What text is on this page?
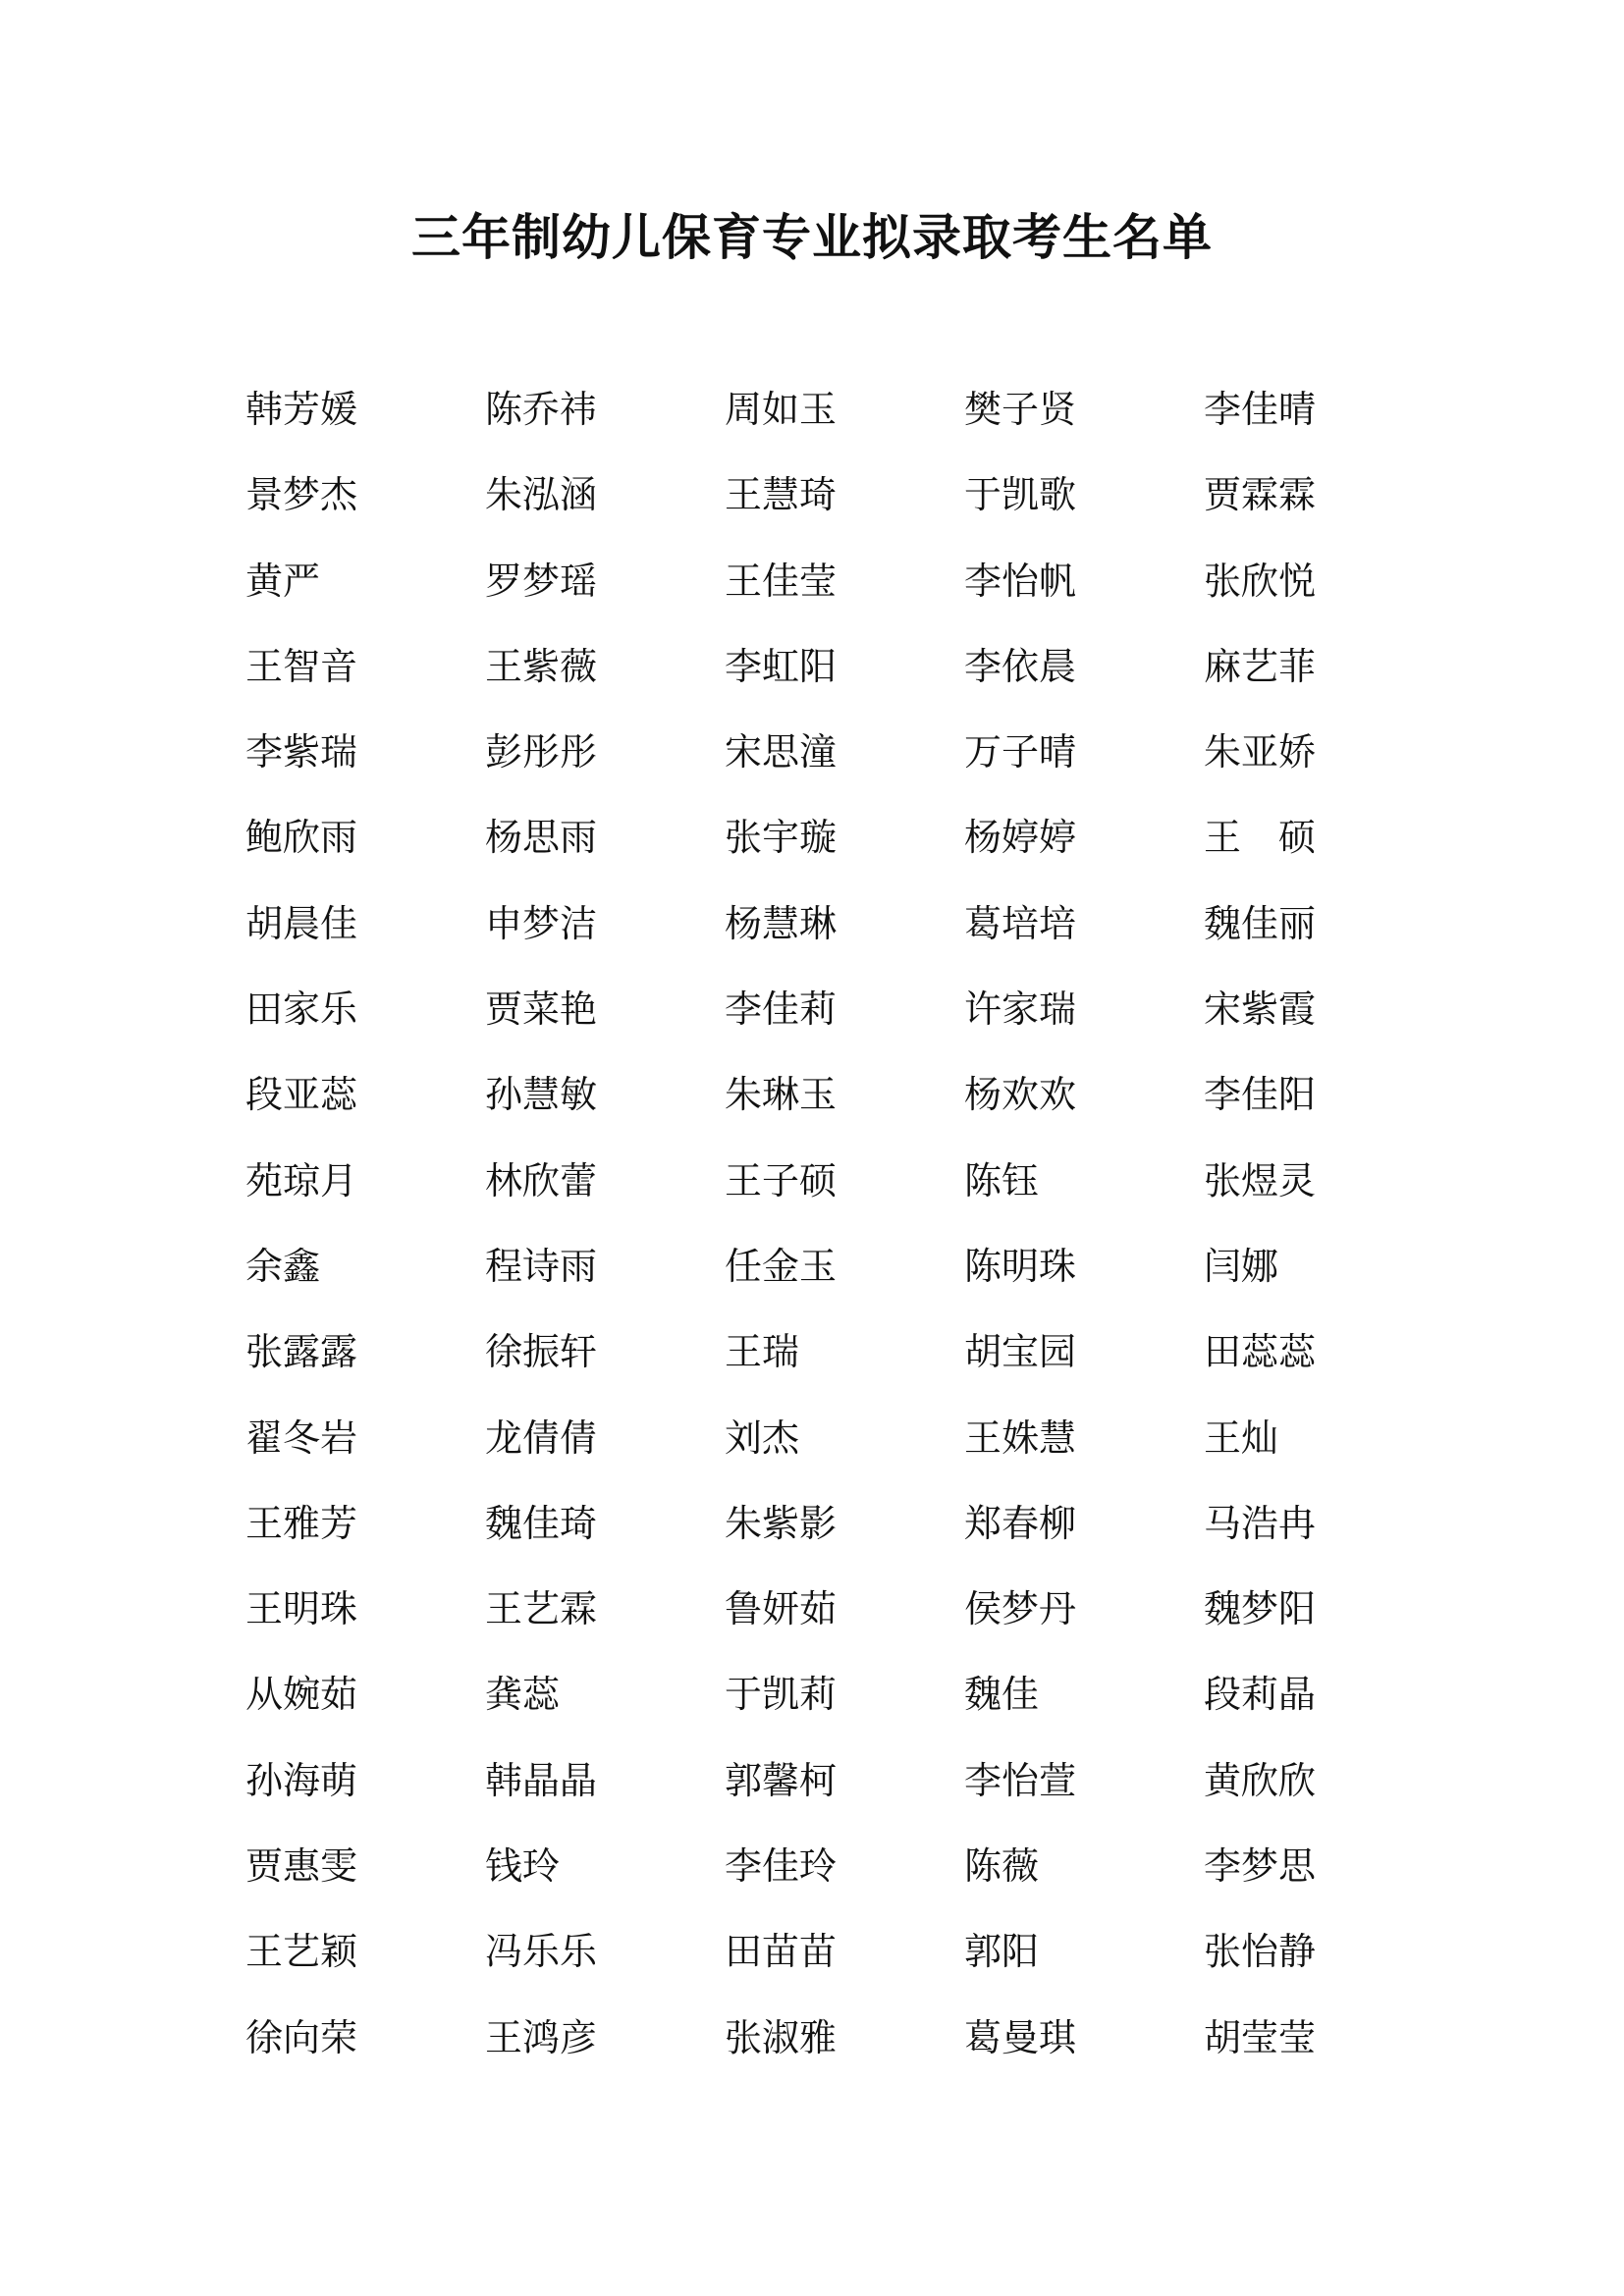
三年制幼儿保育专业拟录取考生名单
韩芳媛	陈乔祎	周如玉	樊子贤	李佳晴
景梦杰	朱泓涵	王慧琦	于凯歌	贾霖霖
黄严	罗梦瑶	王佳莹	李怡帆	张欣悦
王智音	王紫薇	李虹阳	李依晨	麻艺菲
李紫瑞	彭彤彤	宋思潼	万子晴	朱亚娇
鲍欣雨	杨思雨	张宇璇	杨婷婷	王　硕
胡晨佳	申梦洁	杨慧琳	葛培培	魏佳丽
田家乐	贾菜艳	李佳莉	许家瑞	宋紫霞
段亚蕊	孙慧敏	朱琳玉	杨欢欢	李佳阳
苑琼月	林欣蕾	王子硕	陈钰	张煜灵
余鑫	程诗雨	任金玉	陈明珠	闫娜
张露露	徐振轩	王瑞	胡宝园	田蕊蕊
翟冬岩	龙倩倩	刘杰	王姝慧	王灿
王雅芳	魏佳琦	朱紫影	郑春柳	马浩冉
王明珠	王艺霖	鲁妍茹	侯梦丹	魏梦阳
从婉茹	龚蕊	于凯莉	魏佳	段莉晶
孙海萌	韩晶晶	郭馨柯	李怡萱	黄欣欣
贾惠雯	钱玲	李佳玲	陈薇	李梦思
王艺颖	冯乐乐	田苗苗	郭阳	张怡静
徐向荣	王鸿彦	张淑雅	葛曼琪	胡莹莹
